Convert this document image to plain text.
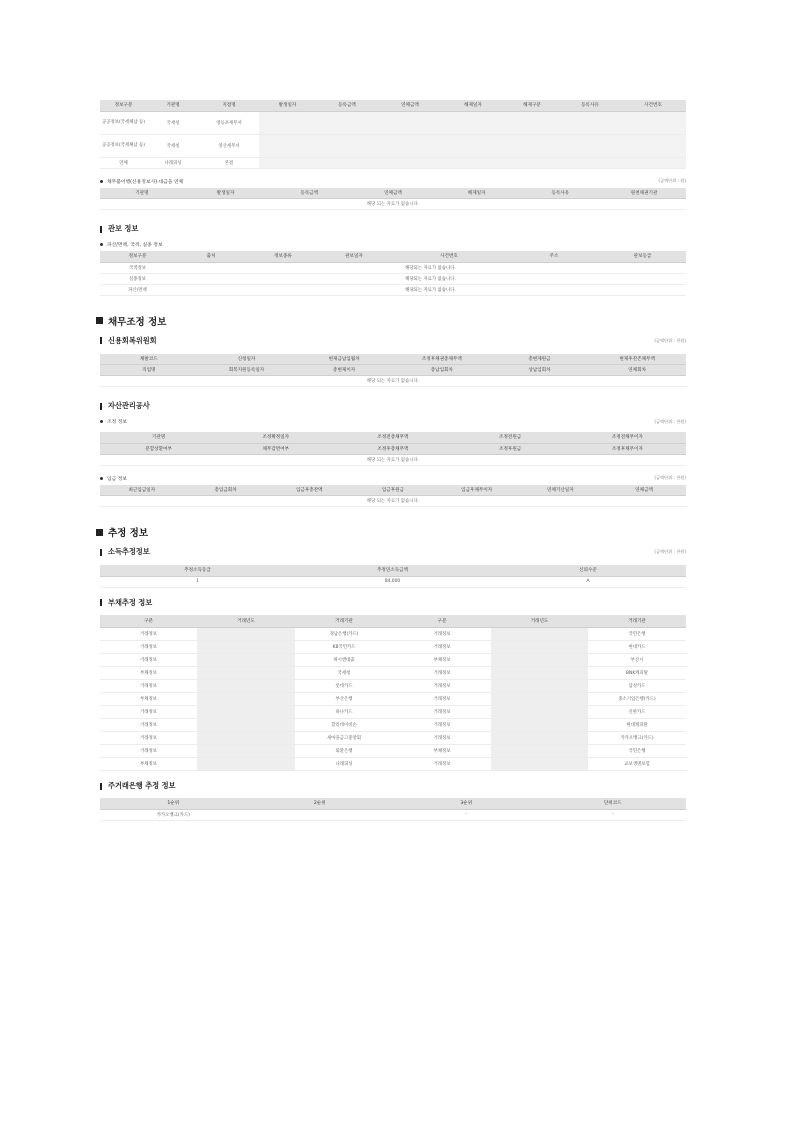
정보구분	기관명	지점명	발생일자	등록금액	연체금액	해제일자	해제구분	등록사유	사건번호
공공정보(국세체납 등)	국세청	영등포세무서							
공공정보(국세체납 등)	국세청	영산세무서							
연체	나래피싱	본점							
채무불이행(신용정보사)·대금을 연체	(금액단위 : 원)
기관명	발생일자	등록금액	연체금액	해제일자	등록사유	원천채권기관
해당 되는 자료가 없습니다.
관보 정보
파산/면책, 국적, 실종 정보
정보구분	출처	정보종류	관보일자	사건번호	주소	관보등급
국적정보	해당되는 자료가 없습니다.					
실종정보	해당되는 자료가 없습니다.					
파산/면책	해당되는 자료가 없습니다.					
채무조정 정보
신용회복위원회	(금액단위 : 천원)
채발코드	신청일자	변제금납입월차	조정후채권총채무액	총변제원금	변제후잔존채무액
직업명	회복지원등록일자	총변제이자	총납입회차	상납입회차	연체회차
해당 되는 자료가 없습니다.					
자산관리공사
조정 정보	(금액단위 : 천원)
기관명	조정확정일자	조정전총채무액	조정전원금	조정전채무이자
분할상환여부	채무감면여부	조정후총채무액	조정후원금	조정후채무이자
해당 되는 자료가 없습니다.				
입금 정보	(금액단위 : 천원)
최근입금일자	총입금회차	입금후총잔액	입금후원금	입금후채무이자	연체기산일자	연체금액
해당 되는 자료가 없습니다.
추정 정보
소득추정정보	(금액단위 : 천원)
추정소득등급	추정연소득금액	신뢰수준
1	84,000	A
부채추정 정보
구분	거래년도	거래기관	구분	거래년도	거래기관
거래정보		경남은행(카드)	거래정보		국민은행
거래정보		KB국민카드	거래정보		현대카드
거래정보		위시앤대출	부채정보		부산시
부채정보		국세청	거래정보		BNK캐피탈
거래정보		롯데카드	거래정보		삼성카드
부채정보		부산은행	거래정보		중소기업은행(카드)
거래정보		하나카드	거래정보		신한카드
거래정보		할리데이비슨	거래정보		현대캐피탈
거래정보		새마을금고중앙회	거래정보		카카오뱅크(카드)
거래정보		외환은행	부채정보		국민은행
부채정보		나래피싱	거래정보		교보생명보험
주거래은행 추정 정보
1순위	2순위	3순위	단위코드
카카오뱅크(카드)		-	-
